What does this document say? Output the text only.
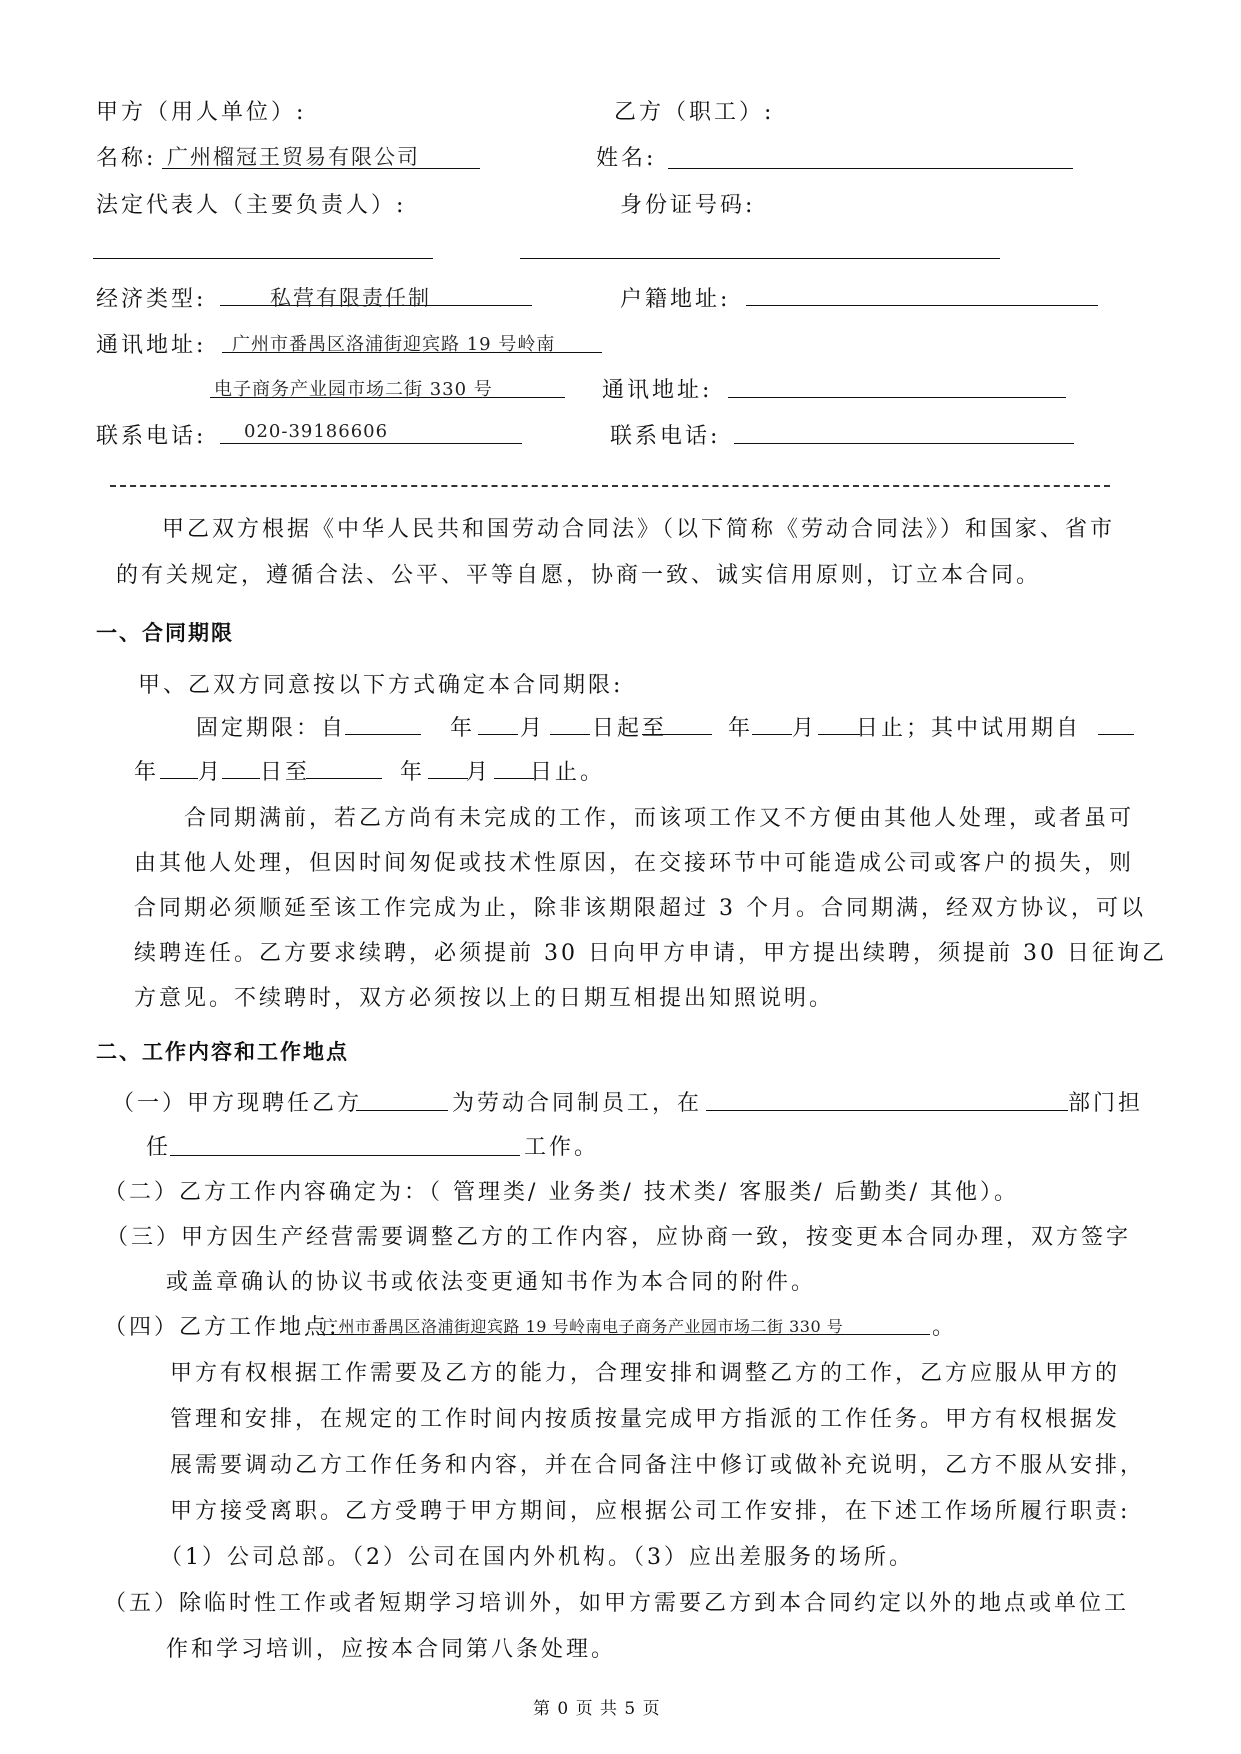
甲方（用人单位）:	乙方（职工）:
名称: 广州榴冠王贸易有限公司	姓名:
法定代表人（主要负责人）:	身份证号码:
经济类型:	私营有限责任制	户籍地址:
通讯地址: 广州市番禺区洛浦街迎宾路 19 号岭南
电子商务产业园市场二街 330 号	通讯地址:
联系电话: 020-39186606	联系电话:
甲乙双方根据《中华人民共和国劳动合同法》（以下简称《劳动合同法》）和国家、省市
的有关规定，遵循合法、公平、平等自愿，协商一致、诚实信用原则，订立本合同。
一、合同期限
甲、乙双方同意按以下方式确定本合同期限:
固定期限：自	年 月 日起至	年 月 日止；其中试用期自
年 月 日至	年 月 日止。
合同期满前，若乙方尚有未完成的工作，而该项工作又不方便由其他人处理，或者虽可
由其他人处理，但因时间匆促或技术性原因，在交接环节中可能造成公司或客户的损失，则
合同期必须顺延至该工作完成为止，除非该期限超过 3 个月。合同期满，经双方协议，可以
续聘连任。乙方要求续聘，必须提前 30 日向甲方申请，甲方提出续聘，须提前 30 日征询乙
方意见。不续聘时，双方必须按以上的日期互相提出知照说明。
二、工作内容和工作地点
（一）甲方现聘任乙方	为劳动合同制员工，在	部门担
任	工作。
（二）乙方工作内容确定为：（ 管理类/ 业务类/ 技术类/ 客服类/ 后勤类/ 其他）。
（三）甲方因生产经营需要调整乙方的工作内容，应协商一致，按变更本合同办理，双方签字
或盖章确认的协议书或依法变更通知书作为本合同的附件。
（四）乙方工作地点:
广州市番禺区洛浦街迎宾路 19 号岭南电子商务产业园市场二街 330 号	。
甲方有权根据工作需要及乙方的能力，合理安排和调整乙方的工作，乙方应服从甲方的
管理和安排，在规定的工作时间内按质按量完成甲方指派的工作任务。甲方有权根据发
展需要调动乙方工作任务和内容，并在合同备注中修订或做补充说明，乙方不服从安排，
甲方接受离职。乙方受聘于甲方期间，应根据公司工作安排，在下述工作场所履行职责:
（1）公司总部。（2）公司在国内外机构。（3）应出差服务的场所。
（五）除临时性工作或者短期学习培训外，如甲方需要乙方到本合同约定以外的地点或单位工
作和学习培训，应按本合同第八条处理。
第 0 页 共 5 页
